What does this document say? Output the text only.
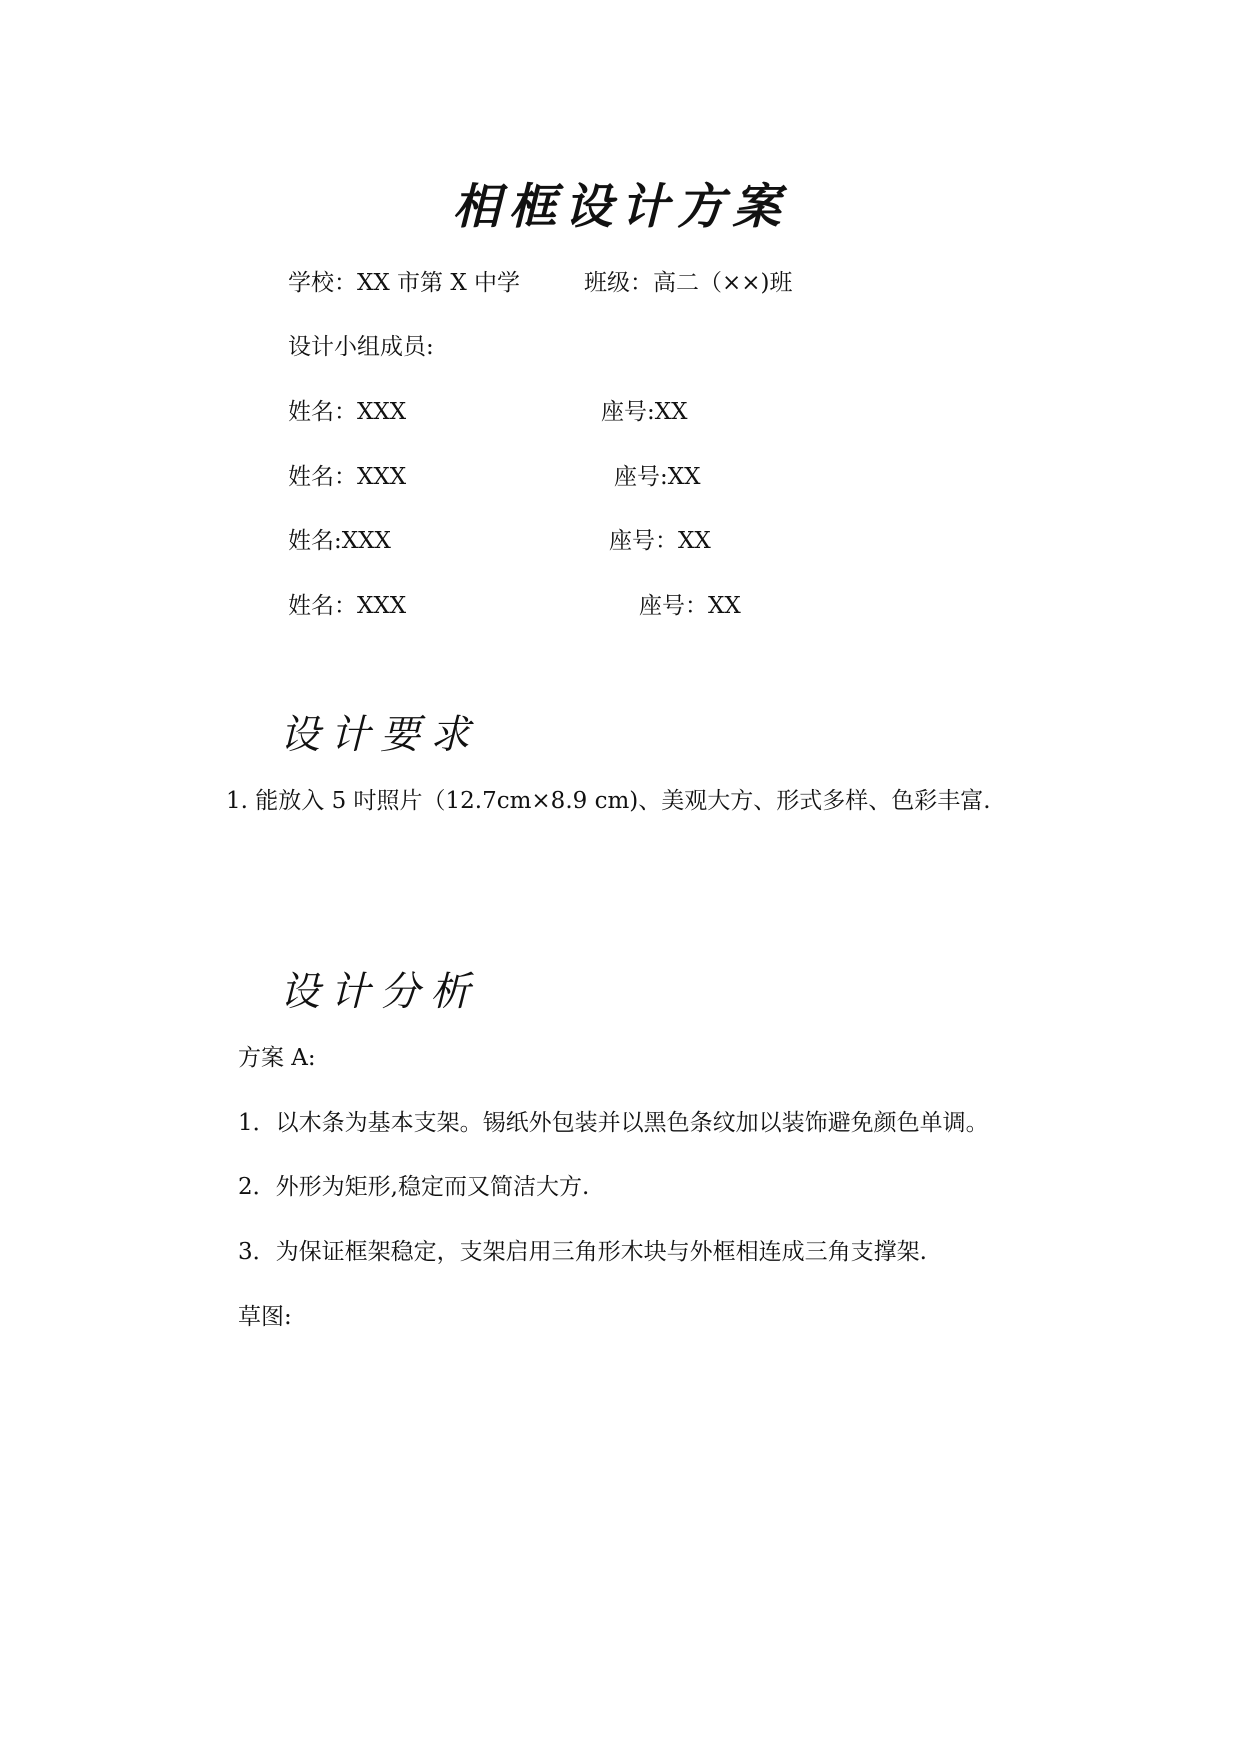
相框设计方案
学校：XX 市第 X 中学	班级：高二（××)班
设计小组成员:
姓名：XXX	座号:XX
姓名：XXX	座号:XX
姓名:XXX	座号：XX
姓名：XXX	座号：XX
设计要求
1. 能放入 5 吋照片（12.7cm×8.9 cm)、美观大方、形式多样、色彩丰富.
设计分析
方案 A:
1．以木条为基本支架。锡纸外包装并以黑色条纹加以装饰避免颜色单调。
2．外形为矩形,稳定而又简洁大方.
3．为保证框架稳定，支架启用三角形木块与外框相连成三角支撑架.
草图:
